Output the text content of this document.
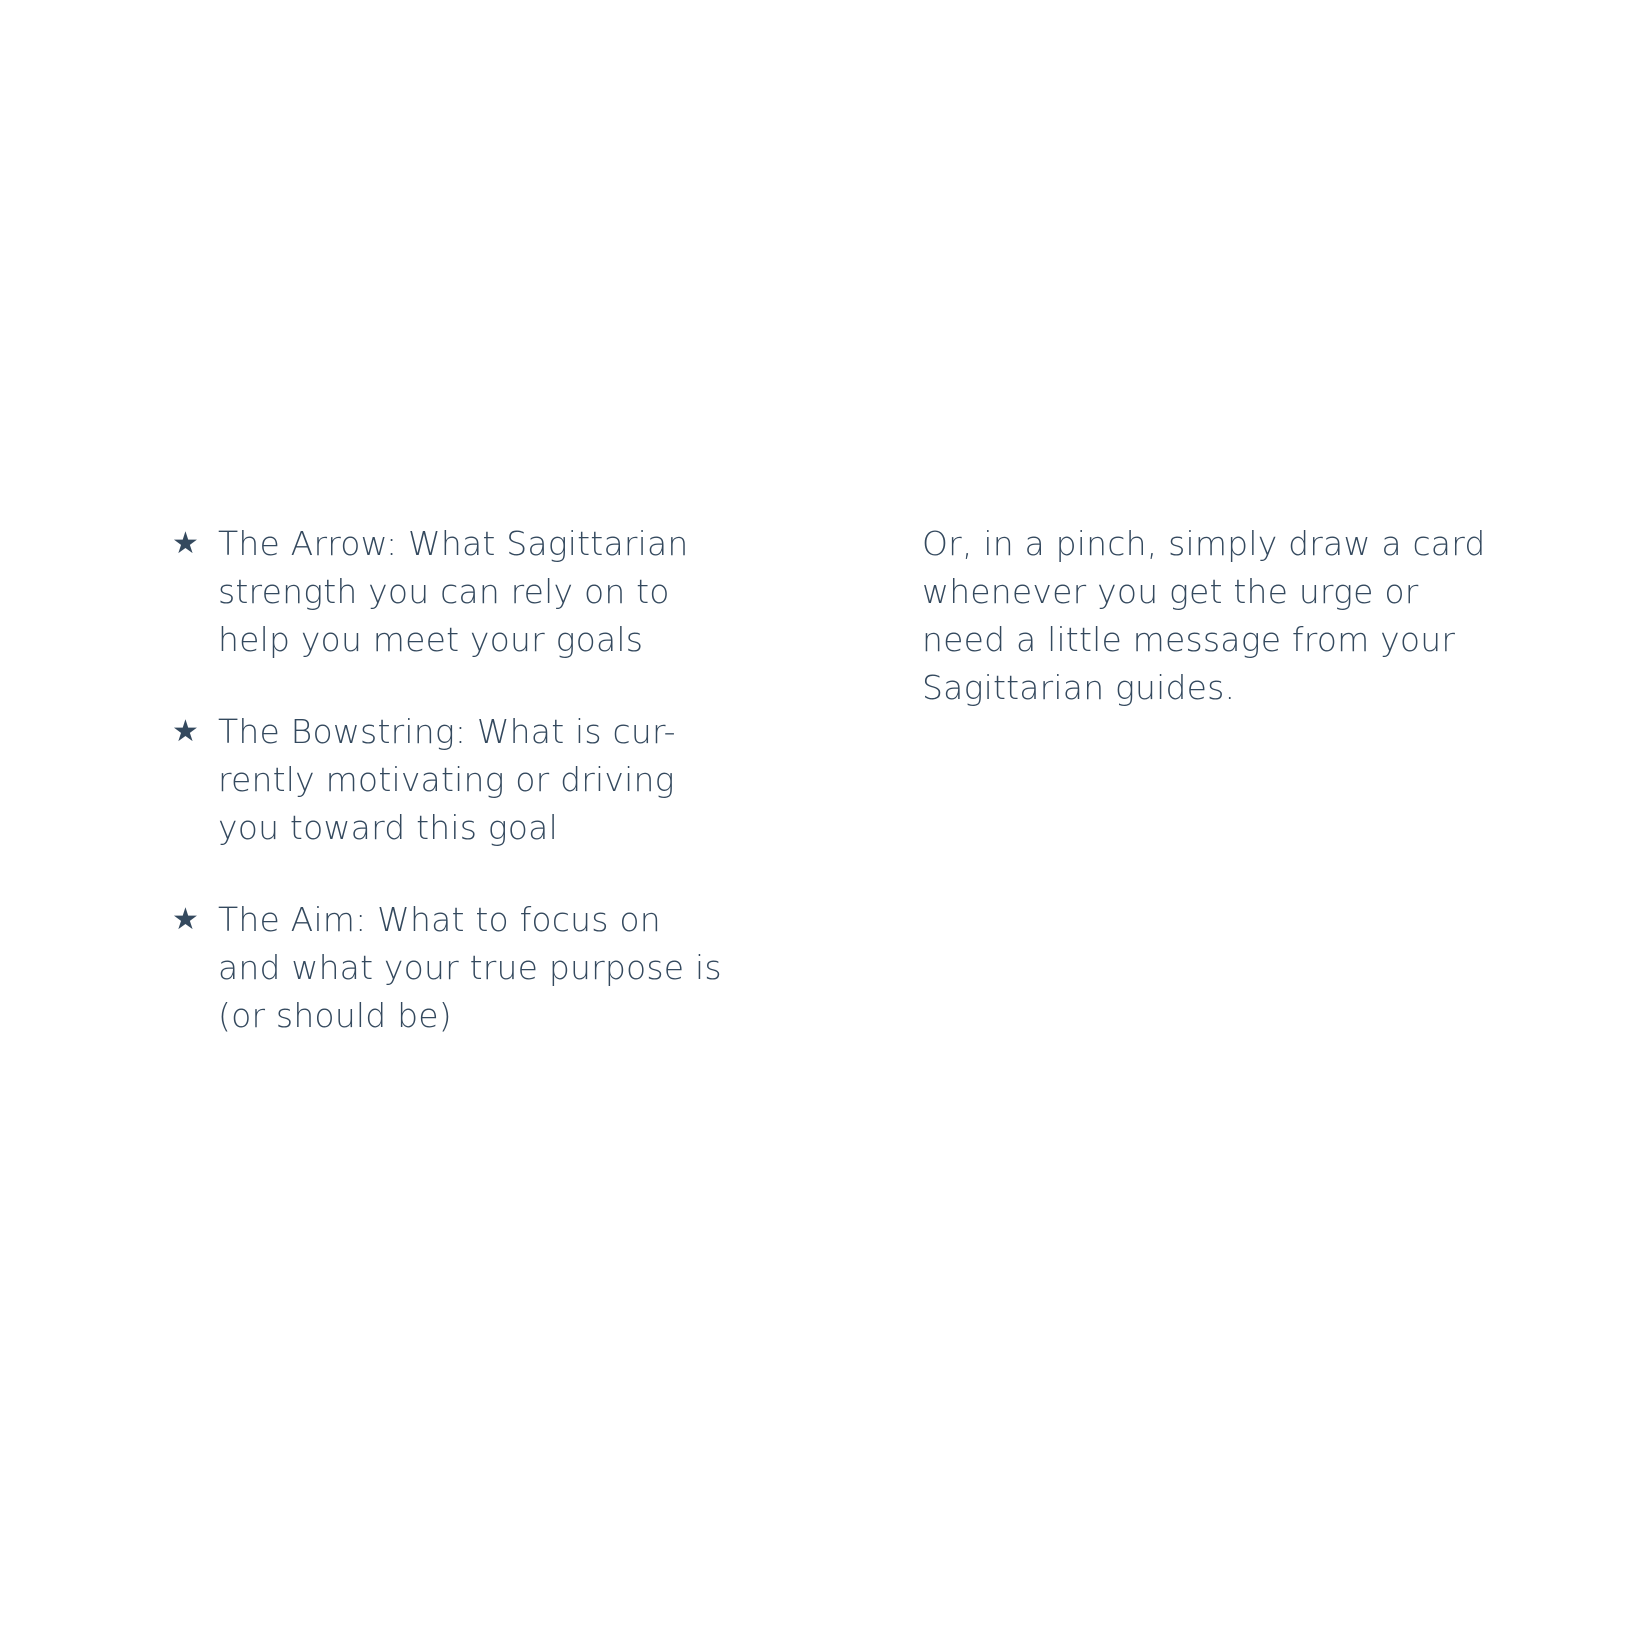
★ The Arrow: What Sagittarian
strength you can rely on to
help you meet your goals
★ The Bowstring: What is cur-
rently motivating or driving
you toward this goal
★ The Aim: What to focus on
and what your true purpose is
(or should be)
Or, in a pinch, simply draw a card
whenever you get the urge or
need a little message from your
Sagittarian guides.
